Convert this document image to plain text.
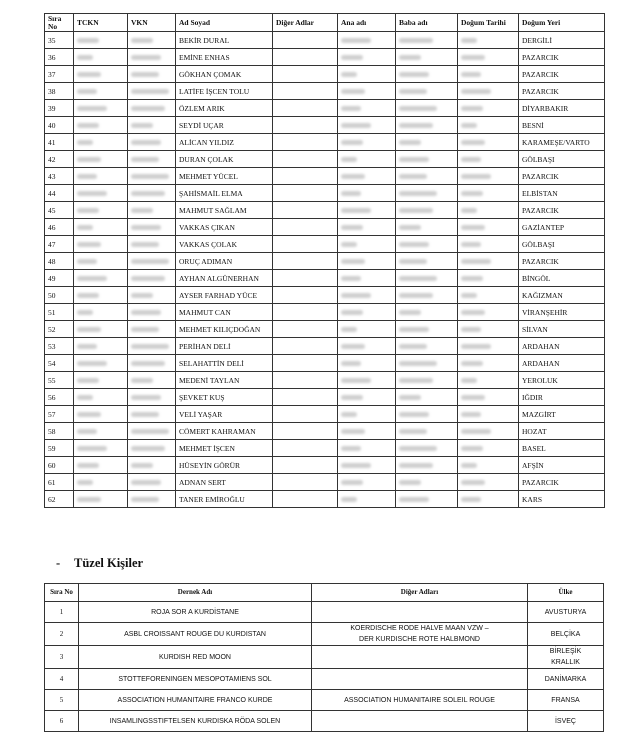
Sıra No	TCKN	VKN	Ad Soyad	Diğer Adlar	Ana adı	Baba adı	Doğum Tarihi	Doğum Yeri
35			BEKİR DURAL					DERGİLİ
36			EMİNE ENHAS					PAZARCIK
37			GÖKHAN ÇOMAK					PAZARCIK
38			LATİFE İŞCEN TOLU					PAZARCIK
39			ÖZLEM ARIK					DİYARBAKIR
40			SEYDİ UÇAR					BESNİ
41			ALİCAN YILDIZ					KARAMEŞE/VARTO
42			DURAN ÇOLAK					GÖLBAŞI
43			MEHMET YÜCEL					PAZARCIK
44			ŞAHİSMAİL ELMA					ELBİSTAN
45			MAHMUT SAĞLAM					PAZARCIK
46			VAKKAS ÇIKAN					GAZİANTEP
47			VAKKAS ÇOLAK					GÖLBAŞI
48			ORUÇ ADIMAN					PAZARCIK
49			AYHAN ALGÜNERHAN					BİNGÖL
50			AYSER FARHAD YÜCE					KAĞIZMAN
51			MAHMUT CAN					VİRANŞEHİR
52			MEHMET KILIÇDOĞAN					SİLVAN
53			PERİHAN DELİ					ARDAHAN
54			SELAHATTİN DELİ					ARDAHAN
55			MEDENİ TAYLAN					YEROLUK
56			ŞEVKET KUŞ					IĞDIR
57			VELİ YAŞAR					MAZGİRT
58			CÖMERT KAHRAMAN					HOZAT
59			MEHMET İŞCEN					BASEL
60			HÜSEYİN GÖRÜR					AFŞİN
61			ADNAN SERT					PAZARCIK
62			TANER EMİROĞLU					KARS
- Tüzel Kişiler
Sıra No	Dernek Adı	Diğer Adları	Ülke
1	ROJA SOR A KURDİSTANE		AVUSTURYA

2	ASBL CROISSANT ROUGE DU KURDISTAN	KOERDISCHE RODE HALVE MAAN VZW –
DER KURDISCHE ROTE HALBMOND	BELÇİKA

3	KURDISH RED MOON		BİRLEŞİK
KRALLIK

4	STOTTEFORENINGEN MESOPOTAMIENS SOL		DANİMARKA

5	ASSOCIATION HUMANITAIRE FRANCO KURDE	ASSOCIATION HUMANITAIRE SOLEIL ROUGE	FRANSA

6	INSAMLINGSSTIFTELSEN KURDISKA RÖDA SOLEN		İSVEÇ
